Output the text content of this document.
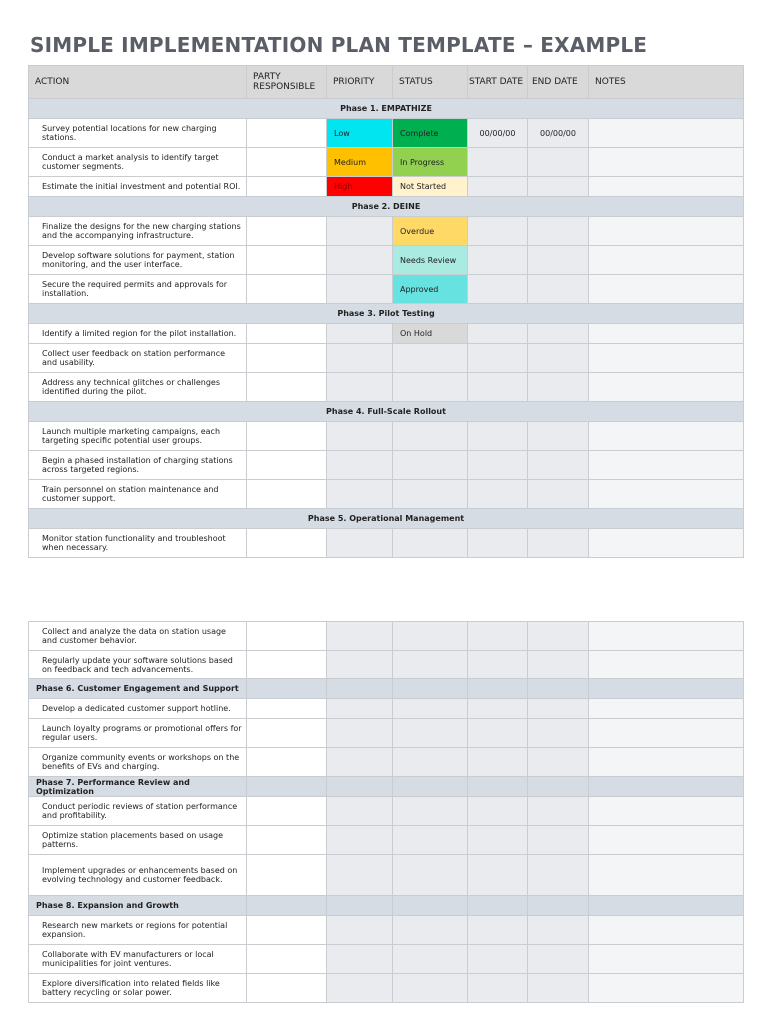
SIMPLE IMPLEMENTATION PLAN TEMPLATE – EXAMPLE
ACTION	PARTY RESPONSIBLE	PRIORITY	STATUS	START DATE	END DATE	NOTES
Phase 1. EMPATHIZE						
Survey potential locations for new charging stations.		Low	Complete	00/00/00	00/00/00	
Conduct a market analysis to identify target customer segments.		Medium	In Progress			
Estimate the initial investment and potential ROI.		High	Not Started			
Phase 2. DEINE						
Finalize the designs for the new charging stations and the accompanying infrastructure.			Overdue			
Develop software solutions for payment, station monitoring, and the user interface.			Needs Review			
Secure the required permits and approvals for installation.			Approved			
Phase 3. Pilot Testing						
Identify a limited region for the pilot installation.			On Hold			
Collect user feedback on station performance and usability.						
Address any technical glitches or challenges identified during the pilot.						
Phase 4. Full-Scale Rollout						
Launch multiple marketing campaigns, each targeting specific potential user groups.						
Begin a phased installation of charging stations across targeted regions.						
Train personnel on station maintenance and customer support.						
Phase 5. Operational Management						
Monitor station functionality and troubleshoot when necessary.						
Collect and analyze the data on station usage and customer behavior.						
Regularly update your software solutions based on feedback and tech advancements.						
Phase 6. Customer Engagement and Support						
Develop a dedicated customer support hotline.						
Launch loyalty programs or promotional offers for regular users.						
Organize community events or workshops on the benefits of EVs and charging.						
Phase 7. Performance Review and Optimization						
Conduct periodic reviews of station performance and profitability.						
Optimize station placements based on usage patterns.						
Implement upgrades or enhancements based on evolving technology and customer feedback.						
Phase 8. Expansion and Growth						
Research new markets or regions for potential expansion.						
Collaborate with EV manufacturers or local municipalities for joint ventures.						
Explore diversification into related fields like battery recycling or solar power.						
